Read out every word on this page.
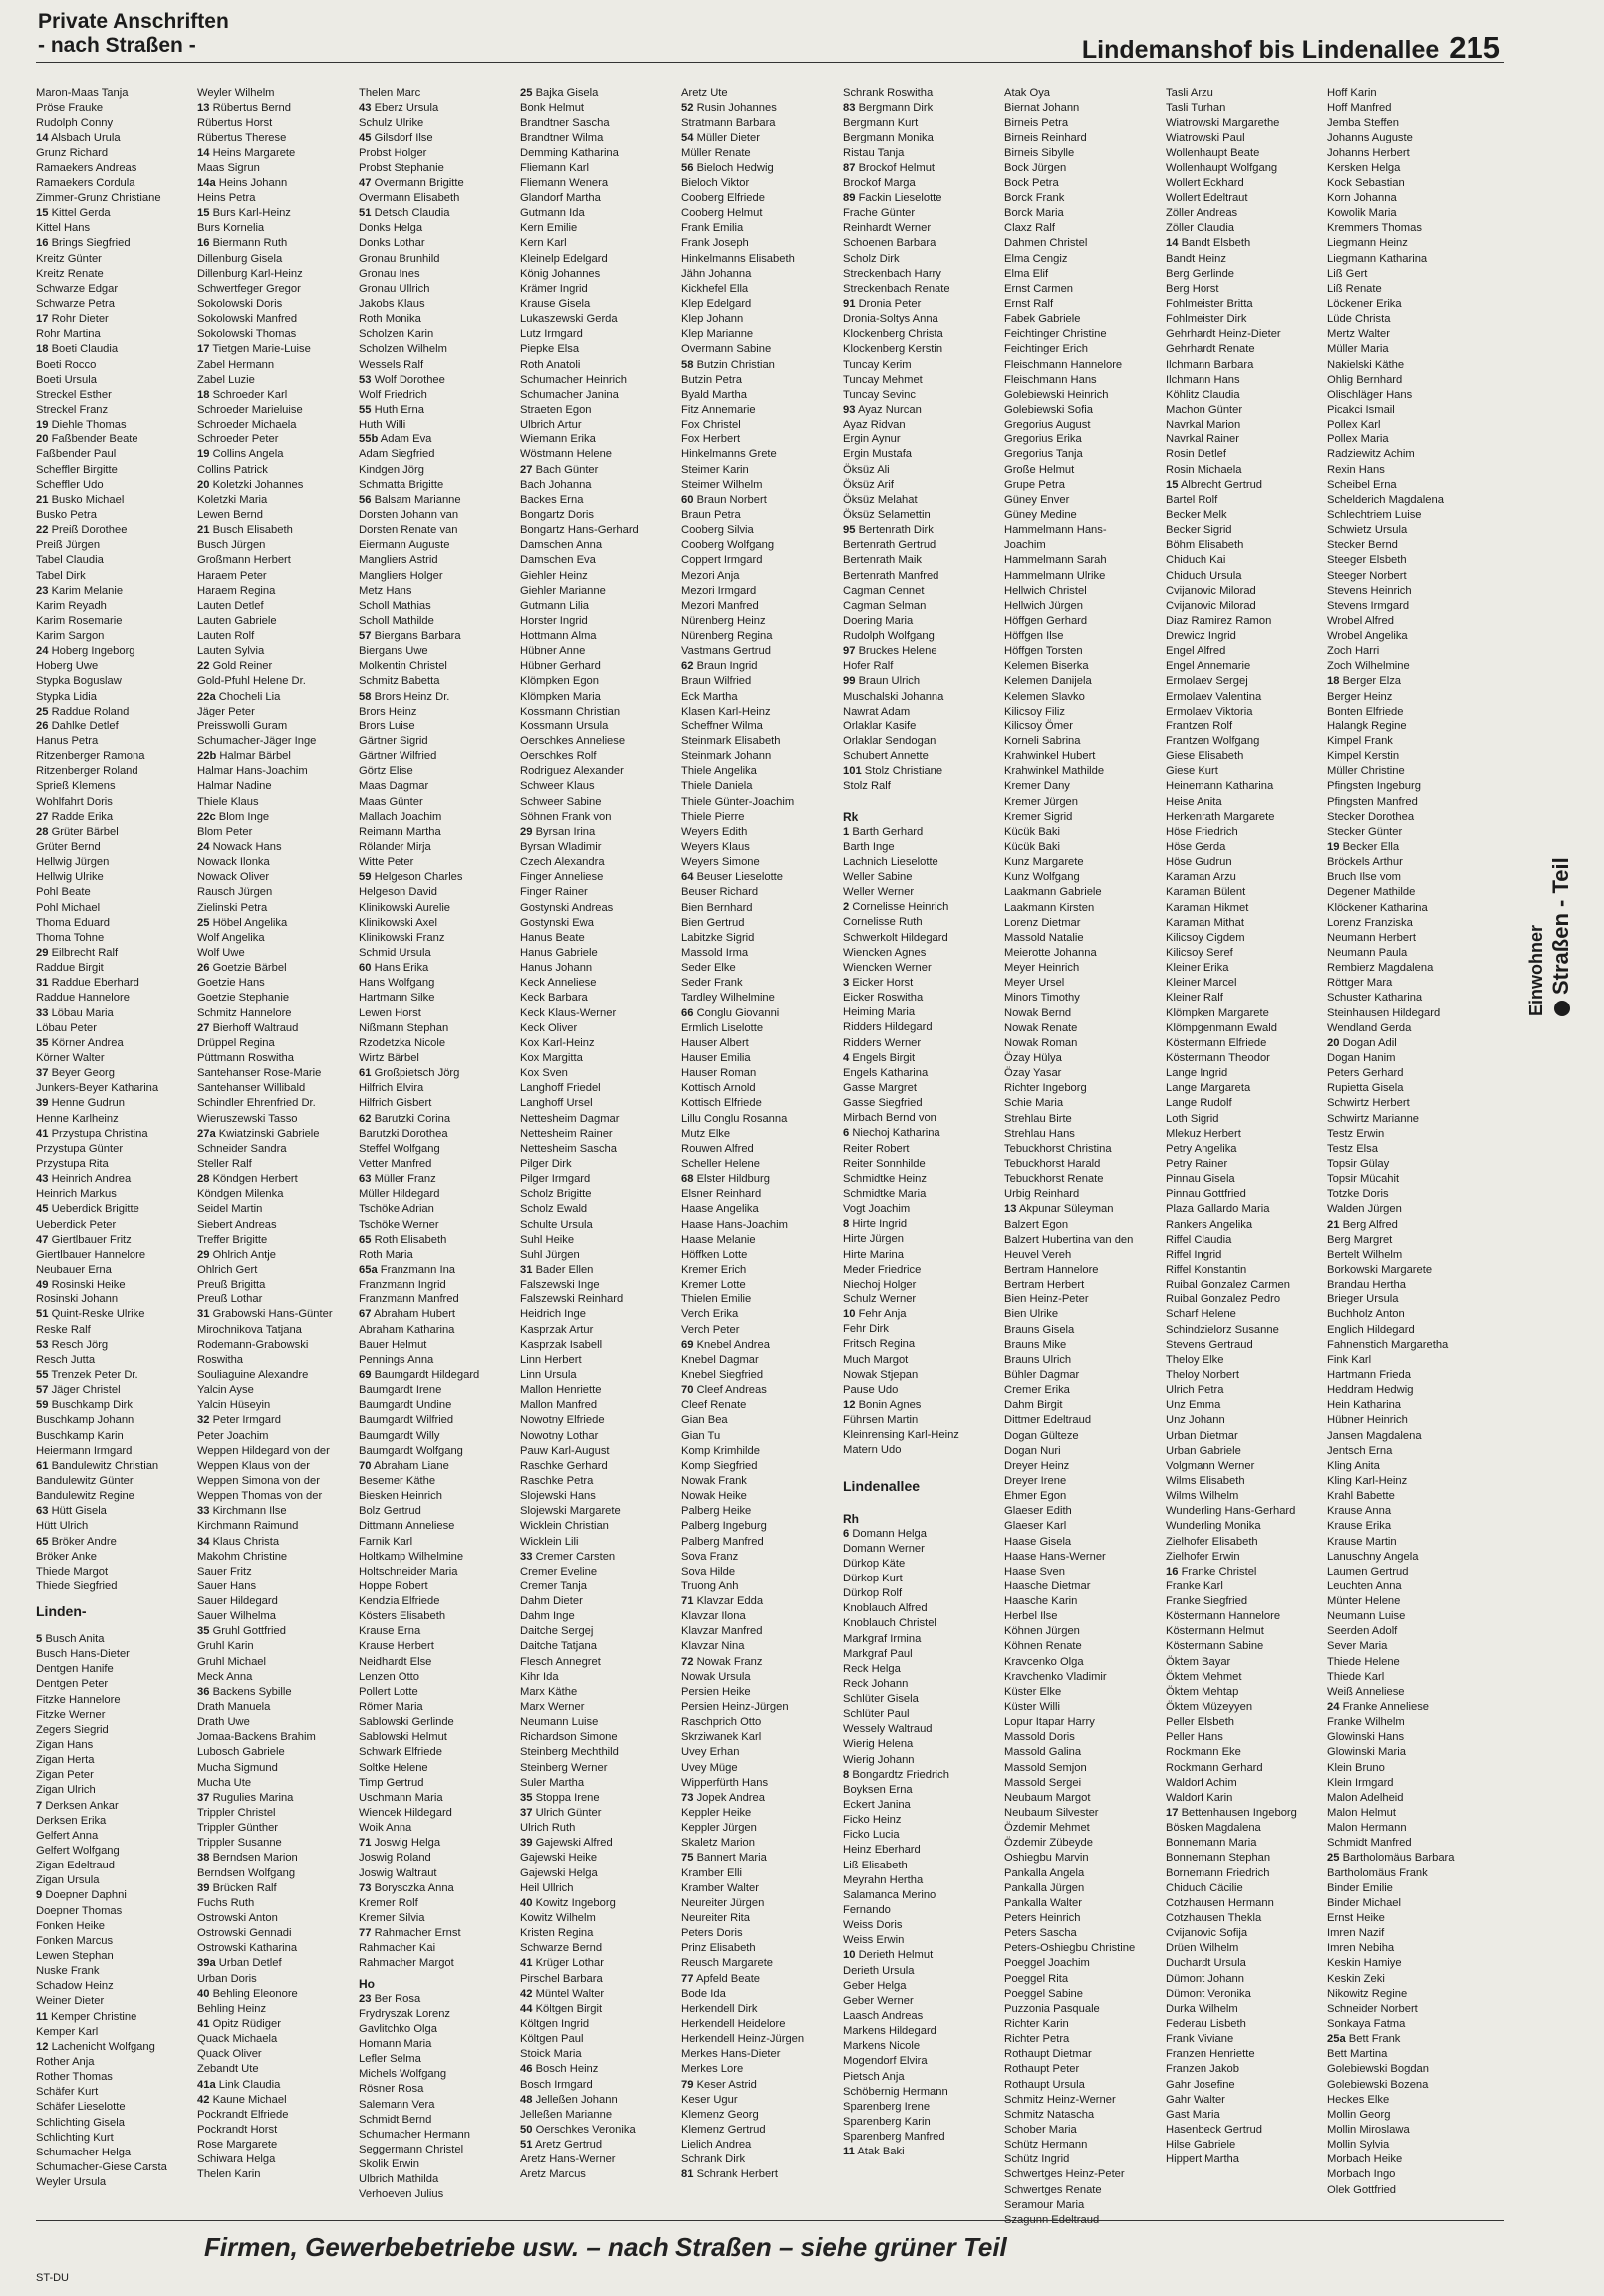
Private Anschriften
- nach Straßen -	Lindemanshof bis Lindenallee 215
Maron-Maas Tanja
Pröse Frauke
Rudolph Conny
14 Alsbach Urula
Grunz Richard
Ramaekers Andreas
Ramaekers Cordula
Zimmer-Grunz Christiane
15 Kittel Gerda
Kittel Hans
16 Brings Siegfried
Kreitz Günter
Kreitz Renate
Schwarze Edgar
Schwarze Petra
17 Rohr Dieter
Rohr Martina
18 Boeti Claudia
Boeti Rocco
Boeti Ursula
Streckel Esther
Streckel Franz
19 Diehle Thomas
20 Faßbender Beate
Faßbender Paul
Scheffler Birgitte
Scheffler Udo
21 Busko Michael
Busko Petra
22 Preiß Dorothee
Preiß Jürgen
Tabel Claudia
Tabel Dirk
23 Karim Melanie
Karim Reyadh
Karim Rosemarie
Karim Sargon
24 Hoberg Ingeborg
Hoberg Uwe
Stypka Boguslaw
Stypka Lidia
25 Raddue Roland
26 Dahlke Detlef
Hanus Petra
Ritzenberger Ramona
Ritzenberger Roland
Sprieß Klemens
Wohlfahrt Doris
27 Radde Erika
28 Grüter Bärbel
Grüter Bernd
Hellwig Jürgen
Hellwig Ulrike
Pohl Beate
Pohl Michael
Thoma Eduard
Thoma Tohne
29 Eilbrecht Ralf
Raddue Birgit
31 Raddue Eberhard
Raddue Hannelore
33 Löbau Maria
Löbau Peter
35 Körner Andrea
Körner Walter
37 Beyer Georg
Junkers-Beyer Katharina
39 Henne Gudrun
Henne Karlheinz
41 Przystupa Christina
Przystupa Günter
Przystupa Rita
43 Heinrich Andrea
Heinrich Markus
45 Ueberdick Brigitte
Ueberdick Peter
47 Giertlbauer Fritz
Giertlbauer Hannelore
Neubauer Erna
49 Rosinski Heike
Rosinski Johann
51 Quint-Reske Ulrike
Reske Ralf
53 Resch Jörg
Resch Jutta
55 Trenzek Peter Dr.
57 Jäger Christel
59 Buschkamp Dirk
Buschkamp Johann
Buschkamp Karin
Heiermann Irmgard
61 Bandulewitz Christian
Bandulewitz Günter
Bandulewitz Regine
63 Hütt Gisela
Hütt Ulrich
65 Bröker Andre
Bröker Anke
Thiede Margot
Thiede Siegfried
Linden-
5 Busch Anita
Busch Hans-Dieter
Dentgen Hanife
Dentgen Peter
Fitzke Hannelore
Fitzke Werner
Zegers Siegrid
Zigan Hans
Zigan Herta
Zigan Peter
Zigan Ulrich
7 Derksen Ankar
Derksen Erika
Gelfert Anna
Gelfert Wolfgang
Zigan Edeltraud
Zigan Ursula
9 Doepner Daphni
Doepner Thomas
Fonken Heike
Fonken Marcus
Lewen Stephan
Nuske Frank
Schadow Heinz
Weiner Dieter
11 Kemper Christine
Kemper Karl
12 Lachenicht Wolfgang
Rother Anja
Rother Thomas
Schäfer Kurt
Schäfer Lieselotte
Schlichting Gisela
Schlichting Kurt
Schumacher Helga
Schumacher-Giese Carsta
Weyler Ursula
Weyler Wilhelm
13 Rübertus Bernd
Rübertus Horst
Rübertus Therese
14 Heins Margarete
Maas Sigrun
14a Heins Johann
Heins Petra
15 Burs Karl-Heinz
Burs Kornelia
16 Biermann Ruth
Dillenburg Gisela
Dillenburg Karl-Heinz
Schwertfeger Gregor
Sokolowski Doris
Sokolowski Manfred
Sokolowski Thomas
17 Tietgen Marie-Luise
Zabel Hermann
Zabel Luzie
18 Schroeder Karl
Schroeder Marieluise
Schroeder Michaela
Schroeder Peter
19 Collins Angela
Collins Patrick
20 Koletzki Johannes
Koletzki Maria
Lewen Bernd
21 Busch Elisabeth
Busch Jürgen
Großmann Herbert
Haraem Peter
Haraem Regina
Lauten Detlef
Lauten Gabriele
Lauten Rolf
Lauten Sylvia
22 Gold Reiner
Gold-Pfuhl Helene Dr.
22a Chocheli Lia
Jäger Peter
Preisswolli Guram
Schumacher-Jäger Inge
22b Halmar Bärbel
Halmar Hans-Joachim
Halmar Nadine
Thiele Klaus
22c Blom Inge
Blom Peter
24 Nowack Hans
Nowack Ilonka
Nowack Oliver
Rausch Jürgen
Zielinski Petra
25 Höbel Angelika
Wolf Angelika
Wolf Uwe
26 Goetzie Bärbel
Goetzie Hans
Goetzie Stephanie
Schmitz Hannelore
27 Bierhoff Waltraud
Drüppel Regina
Püttmann Roswitha
Santehanser Rose-Marie
Santehanser Willibald
Schindler Ehrenfried Dr.
Wieruszewski Tasso
27a Kwiatzinski Gabriele
Schneider Sandra
Steller Ralf
28 Köndgen Herbert
Köndgen Milenka
Seidel Martin
Siebert Andreas
Treffer Brigitte
29 Ohlrich Antje
Ohlrich Gert
Preuß Brigitta
Preuß Lothar
31 Grabowski Hans-Günter
Mirochnikova Tatjana
Rodemann-Grabowski
Roswitha
Souliaguine Alexandre
Yalcin Ayse
Yalcin Hüseyin
32 Peter Irmgard
Peter Joachim
Weppen Hildegard von der
Weppen Klaus von der
Weppen Simona von der
Weppen Thomas von der
33 Kirchmann Ilse
Kirchmann Raimund
34 Klaus Christa
Makohm Christine
Sauer Fritz
Sauer Hans
Sauer Hildegard
Sauer Wilhelma
35 Gruhl Gottfried
Gruhl Karin
Gruhl Michael
Meck Anna
36 Backens Sybille
Drath Manuela
Drath Uwe
Jomaa-Backens Brahim
Lubosch Gabriele
Mucha Sigmund
Mucha Ute
37 Rugulies Marina
Trippler Christel
Trippler Günther
Trippler Susanne
38 Berndsen Marion
Berndsen Wolfgang
39 Brücken Ralf
Fuchs Ruth
Ostrowski Anton
Ostrowski Gennadi
Ostrowski Katharina
39a Urban Detlef
Urban Doris
40 Behling Eleonore
Behling Heinz
41 Opitz Rüdiger
Quack Michaela
Quack Oliver
Zebandt Ute
41a Link Claudia
42 Kaune Michael
Pockrandt Elfriede
Pockrandt Horst
Rose Margarete
Schiwara Helga
Thelen Karin
Thelen Marc
43 Eberz Ursula
Schulz Ulrike
45 Gilsdorf Ilse
Probst Holger
Probst Stephanie
47 Overmann Brigitte
Overmann Elisabeth
51 Detsch Claudia
Donks Helga
Donks Lothar
Gronau Brunhild
Gronau Ines
Gronau Ullrich
Jakobs Klaus
Roth Monika
Scholzen Karin
Scholzen Wilhelm
Wessels Ralf
53 Wolf Dorothee
Wolf Friedrich
55 Huth Erna
Huth Willi
55b Adam Eva
Adam Siegfried
Kindgen Jörg
Schmatta Brigitte
56 Balsam Marianne
Dorsten Johann van
Dorsten Renate van
Eiermann Auguste
Mangliers Astrid
Mangliers Holger
Metz Hans
Scholl Mathias
Scholl Mathilde
57 Biergans Barbara
Biergans Uwe
Molkentin Christel
Schmitz Babetta
58 Brors Heinz Dr.
Brors Heinz
Brors Luise
Gärtner Sigrid
Gärtner Wilfried
Görtz Elise
Maas Dagmar
Maas Günter
Mallach Joachim
Reimann Martha
Rölander Mirja
Witte Peter
59 Helgeson Charles
Helgeson David
Klinikowski Aurelie
Klinikowski Axel
Klinikowski Franz
Schmid Ursula
60 Hans Erika
Hans Wolfgang
Hartmann Silke
Lewen Horst
Nißmann Stephan
Rzodetzka Nicole
Wirtz Bärbel
61 Großpietsch Jörg
Hilfrich Elvira
Hilfrich Gisbert
62 Barutzki Corina
Barutzki Dorothea
Steffel Wolfgang
Vetter Manfred
63 Müller Franz
Müller Hildegard
Tschöke Adrian
Tschöke Werner
65 Roth Elisabeth
Roth Maria
65a Franzmann Ina
Franzmann Ingrid
Franzmann Manfred
67 Abraham Hubert
Abraham Katharina
Bauer Helmut
Pennings Anna
69 Baumgardt Hildegard
Baumgardt Irene
Baumgardt Undine
Baumgardt Wilfried
Baumgardt Willy
Baumgardt Wolfgang
70 Abraham Liane
Besemer Käthe
Biesken Heinrich
Bolz Gertrud
Dittmann Anneliese
Farnik Karl
Holtkamp Wilhelmine
Holtschneider Maria
Hoppe Robert
Kendzia Elfriede
Kösters Elisabeth
Krause Erna
Krause Herbert
Neidhardt Else
Lenzen Otto
Pollert Lotte
Römer Maria
Sablowski Gerlinde
Sablowski Helmut
Schwark Elfriede
Soltke Helene
Timp Gertrud
Uschmann Maria
Wiencek Hildegard
Woik Anna
71 Joswig Helga
Joswig Roland
Joswig Waltraut
73 Borysczka Anna
Kremer Rolf
Kremer Silvia
77 Rahmacher Ernst
Rahmacher Kai
Rahmacher Margot
Ho
23 Ber Rosa
Frydryszak Lorenz
Gavlitchko Olga
Homann Maria
Lefler Selma
Michels Wolfgang
Rösner Rosa
Salemann Vera
Schmidt Bernd
Schumacher Hermann
Seggermann Christel
Skolik Erwin
Ulbrich Mathilda
Verhoeven Julius
25 Bajka Gisela
Bonk Helmut
Brandtner Sascha
Brandtner Wilma
Demming Katharina
Fliemann Karl
Fliemann Wenera
Glandorf Martha
Gutmann Ida
Kern Emilie
Kern Karl
Kleinelp Edelgard
König Johannes
Krämer Ingrid
Krause Gisela
Lukaszewski Gerda
Lutz Irmgard
Piepke Elsa
Roth Anatoli
Schumacher Heinrich
Schumacher Janina
Straeten Egon
Ulbrich Artur
Wiemann Erika
Wöstmann Helene
27 Bach Günter
Bach Johanna
Backes Erna
Bongartz Doris
Bongartz Hans-Gerhard
Damschen Anna
Damschen Eva
Giehler Heinz
Giehler Marianne
Gutmann Lilia
Horster Ingrid
Hottmann Alma
Hübner Anne
Hübner Gerhard
Klömpken Egon
Klömpken Maria
Kossmann Christian
Kossmann Ursula
Oerschkes Anneliese
Oerschkes Rolf
Rodriguez Alexander
Schweer Klaus
Schweer Sabine
Söhnen Frank von
29 Byrsan Irina
Byrsan Wladimir
Czech Alexandra
Finger Anneliese
Finger Rainer
Gostynski Andreas
Gostynski Ewa
Hanus Beate
Hanus Gabriele
Hanus Johann
Keck Anneliese
Keck Barbara
Keck Klaus-Werner
Keck Oliver
Kox Karl-Heinz
Kox Margitta
Kox Sven
Langhoff Friedel
Langhoff Ursel
Nettesheim Dagmar
Nettesheim Rainer
Nettesheim Sascha
Pilger Dirk
Pilger Irmgard
Scholz Brigitte
Scholz Ewald
Schulte Ursula
Suhl Heike
Suhl Jürgen
31 Bader Ellen
Falszewski Inge
Falszewski Reinhard
Heidrich Inge
Kasprzak Artur
Kasprzak Isabell
Linn Herbert
Linn Ursula
Mallon Henriette
Mallon Manfred
Nowotny Elfriede
Nowotny Lothar
Pauw Karl-August
Raschke Gerhard
Raschke Petra
Slojewski Hans
Slojewski Margarete
Wicklein Christian
Wicklein Lili
33 Cremer Carsten
Cremer Eveline
Cremer Tanja
Dahm Dieter
Dahm Inge
Daitche Sergej
Daitche Tatjana
Flesch Annegret
Kihr Ida
Marx Käthe
Marx Werner
Neumann Luise
Richardson Simone
Steinberg Mechthild
Steinberg Werner
Suler Martha
35 Stoppa Irene
37 Ulrich Günter
Ulrich Ruth
39 Gajewski Alfred
Gajewski Heike
Gajewski Helga
Heil Ullrich
40 Kowitz Ingeborg
Kowitz Wilhelm
Kristen Regina
Schwarze Bernd
41 Krüger Lothar
Pirschel Barbara
42 Müntel Walter
44 Költgen Birgit
Költgen Ingrid
Költgen Paul
Stoick Maria
46 Bosch Heinz
Bosch Irmgard
48 Jelleßen Johann
Jelleßen Marianne
50 Oerschkes Veronika
51 Aretz Gertrud
Aretz Hans-Werner
Aretz Marcus
Aretz Ute
52 Rusin Johannes
Stratmann Barbara
54 Müller Dieter
Müller Renate
56 Bieloch Hedwig
Bieloch Viktor
Cooberg Elfriede
Cooberg Helmut
Frank Emilia
Frank Joseph
Hinkelmanns Elisabeth
Jähn Johanna
Kickhefel Ella
Klep Edelgard
Klep Johann
Klep Marianne
Overmann Sabine
58 Butzin Christian
Butzin Petra
Byald Martha
Fitz Annemarie
Fox Christel
Fox Herbert
Hinkelmanns Grete
Steimer Karin
Steimer Wilhelm
60 Braun Norbert
Braun Petra
Cooberg Silvia
Cooberg Wolfgang
Coppert Irmgard
Mezori Anja
Mezori Irmgard
Mezori Manfred
Nürenberg Heinz
Nürenberg Regina
Vastmans Gertrud
62 Braun Ingrid
Braun Wilfried
Eck Martha
Klasen Karl-Heinz
Scheffner Wilma
Steinmark Elisabeth
Steinmark Johann
Thiele Angelika
Thiele Daniela
Thiele Günter-Joachim
Thiele Pierre
Weyers Edith
Weyers Klaus
Weyers Simone
64 Beuser Lieselotte
Beuser Richard
Bien Bernhard
Bien Gertrud
Labitzke Sigrid
Massold Irma
Seder Elke
Seder Frank
Tardley Wilhelmine
66 Conglu Giovanni
Ermlich Liselotte
Hauser Albert
Hauser Emilia
Hauser Roman
Kottisch Arnold
Kottisch Elfriede
Lillu Conglu Rosanna
Mutz Elke
Rouwen Alfred
Scheller Helene
68 Elster Hildburg
Elsner Reinhard
Haase Angelika
Haase Hans-Joachim
Haase Melanie
Höffken Lotte
Kremer Erich
Kremer Lotte
Thielen Emilie
Verch Erika
Verch Peter
69 Knebel Andrea
Knebel Dagmar
Knebel Siegfried
70 Cleef Andreas
Cleef Renate
Gian Bea
Gian Tu
Komp Krimhilde
Komp Siegfried
Nowak Frank
Nowak Heike
Palberg Heike
Palberg Ingeburg
Palberg Manfred
Sova Franz
Sova Hilde
Truong Anh
71 Klavzar Edda
Klavzar Ilona
Klavzar Manfred
Klavzar Nina
72 Nowak Franz
Nowak Ursula
Persien Heike
Persien Heinz-Jürgen
Raschprich Otto
Skrziwanek Karl
Uvey Erhan
Uvey Müge
Wipperfürth Hans
73 Jopek Andrea
Keppler Heike
Keppler Jürgen
Skaletz Marion
75 Bannert Maria
Kramber Elli
Kramber Walter
Neureiter Jürgen
Neureiter Rita
Peters Doris
Prinz Elisabeth
Reusch Margarete
77 Apfeld Beate
Bode Ida
Herkendell Dirk
Herkendell Heidelore
Herkendell Heinz-Jürgen
Merkes Hans-Dieter
Merkes Lore
79 Keser Astrid
Keser Ugur
Klemenz Georg
Klemenz Gertrud
Lielich Andrea
Schrank Dirk
81 Schrank Herbert
Schrank Roswitha
83 Bergmann Dirk
Bergmann Kurt
Bergmann Monika
Ristau Tanja
87 Brockof Helmut
Brockof Marga
89 Fackin Lieselotte
Frache Günter
Reinhardt Werner
Schoenen Barbara
Scholz Dirk
Streckenbach Harry
Streckenbach Renate
91 Dronia Peter
Dronia-Soltys Anna
Klockenberg Christa
Klockenberg Kerstin
Tuncay Kerim
Tuncay Mehmet
Tuncay Sevinc
93 Ayaz Nurcan
Ayaz Ridvan
Ergin Aynur
Ergin Mustafa
Öksüz Ali
Öksüz Arif
Öksüz Melahat
Öksüz Selamettin
95 Bertenrath Dirk
Bertenrath Gertrud
Bertenrath Maik
Bertenrath Manfred
Cagman Cennet
Cagman Selman
Doering Maria
Rudolph Wolfgang
97 Bruckes Helene
Hofer Ralf
99 Braun Ulrich
Muschalski Johanna
Nawrat Adam
Orlaklar Kasife
Orlaklar Sendogan
Schubert Annette
101 Stolz Christiane
Stolz Ralf
Rk
1 Barth Gerhard
Barth Inge
Lachnich Lieselotte
Weller Sabine
Weller Werner
2 Cornelisse Heinrich
Cornelisse Ruth
Schwerkolt Hildegard
Wiencken Agnes
Wiencken Werner
3 Eicker Horst
Eicker Roswitha
Heiming Maria
Ridders Hildegard
Ridders Werner
4 Engels Birgit
Engels Katharina
Gasse Margret
Gasse Siegfried
Mirbach Bernd von
6 Niechoj Katharina
Reiter Robert
Reiter Sonnhilde
Schmidtke Heinz
Schmidtke Maria
Vogt Joachim
8 Hirte Ingrid
Hirte Jürgen
Hirte Marina
Meder Friedrice
Niechoj Holger
Schulz Werner
10 Fehr Anja
Fehr Dirk
Fritsch Regina
Much Margot
Nowak Stjepan
Pause Udo
12 Bonin Agnes
Führsen Martin
Kleinrensing Karl-Heinz
Matern Udo
Lindenallee
Rh
6 Domann Helga
Domann Werner
Dürkop Käte
Dürkop Kurt
Dürkop Rolf
Knoblauch Alfred
Knoblauch Christel
Markgraf Irmina
Markgraf Paul
Reck Helga
Reck Johann
Schlüter Gisela
Schlüter Paul
Wessely Waltraud
Wierig Helena
Wierig Johann
8 Bongardtz Friedrich
Boyksen Erna
Eckert Janina
Ficko Heinz
Ficko Lucia
Heinz Eberhard
Liß Elisabeth
Meyrahn Hertha
Salamanca Merino
Fernando
Weiss Doris
Weiss Erwin
10 Derieth Helmut
Derieth Ursula
Geber Helga
Geber Werner
Laasch Andreas
Markens Hildegard
Markens Nicole
Mogendorf Elvira
Pietsch Anja
Schöbernig Hermann
Sparenberg Irene
Sparenberg Karin
Sparenberg Manfred
11 Atak Baki
Atak Oya
Biernat Johann
Birneis Petra
Birneis Reinhard
Birneis Sibylle
Bock Jürgen
Bock Petra
Borck Frank
Borck Maria
Claxz Ralf
Dahmen Christel
Elma Cengiz
Elma Elif
Ernst Carmen
Ernst Ralf
Fabek Gabriele
Feichtinger Christine
Feichtinger Erich
Fleischmann Hannelore
Fleischmann Hans
Golebiewski Heinrich
Golebiewski Sofia
Gregorius August
Gregorius Erika
Gregorius Tanja
Große Helmut
Grupe Petra
Güney Enver
Güney Medine
Hammelmann Hans-
Joachim
Hammelmann Sarah
Hammelmann Ulrike
Hellwich Christel
Hellwich Jürgen
Höffgen Gerhard
Höffgen Ilse
Höffgen Torsten
Kelemen Biserka
Kelemen Danijela
Kelemen Slavko
Kilicsoy Filiz
Kilicsoy Ömer
Korneli Sabrina
Krahwinkel Hubert
Krahwinkel Mathilde
Kremer Dany
Kremer Jürgen
Kremer Sigrid
Kücük Baki
Kücük Baki
Kunz Margarete
Kunz Wolfgang
Laakmann Gabriele
Laakmann Kirsten
Lorenz Dietmar
Massold Natalie
Meierotte Johanna
Meyer Heinrich
Meyer Ursel
Minors Timothy
Nowak Bernd
Nowak Renate
Nowak Roman
Özay Hülya
Özay Yasar
Richter Ingeborg
Schie Maria
Strehlau Birte
Strehlau Hans
Tebuckhorst Christina
Tebuckhorst Harald
Tebuckhorst Renate
Urbig Reinhard
13 Akpunar Süleyman
Balzert Egon
Balzert Hubertina van den
Heuvel Vereh
Bertram Hannelore
Bertram Herbert
Bien Heinz-Peter
Bien Ulrike
Brauns Gisela
Brauns Mike
Brauns Ulrich
Bühler Dagmar
Cremer Erika
Dahm Birgit
Dittmer Edeltraud
Dogan Gülteze
Dogan Nuri
Dreyer Heinz
Dreyer Irene
Ehmer Egon
Glaeser Edith
Glaeser Karl
Haase Gisela
Haase Hans-Werner
Haase Sven
Haasche Dietmar
Haasche Karin
Herbel Ilse
Köhnen Jürgen
Köhnen Renate
Kravcenko Olga
Kravchenko Vladimir
Küster Elke
Küster Willi
Lopur Itapar Harry
Massold Doris
Massold Galina
Massold Semjon
Massold Sergei
Neubaum Margot
Neubaum Silvester
Özdemir Mehmet
Özdemir Zübeyde
Oshiegbu Marvin
Pankalla Angela
Pankalla Jürgen
Pankalla Walter
Peters Heinrich
Peters Sascha
Peters-Oshiegbu Christine
Poeggel Joachim
Poeggel Rita
Poeggel Sabine
Puzzonia Pasquale
Richter Karin
Richter Petra
Rothaupt Dietmar
Rothaupt Peter
Rothaupt Ursula
Schmitz Heinz-Werner
Schmitz Natascha
Schober Maria
Schütz Hermann
Schütz Ingrid
Schwertges Heinz-Peter
Schwertges Renate
Seramour Maria
Szagunn Edeltraud
Tasli Arzu
Tasli Turhan
Wiatrowski Margarethe
Wiatrowski Paul
Wollenhaupt Beate
Wollenhaupt Wolfgang
Wollert Eckhard
Wollert Edeltraut
Zöller Andreas
Zöller Claudia
14 Bandt Elsbeth
Bandt Heinz
Berg Gerlinde
Berg Horst
Fohlmeister Britta
Fohlmeister Dirk
Gehrhardt Heinz-Dieter
Gehrhardt Renate
Ilchmann Barbara
Ilchmann Hans
Köhlitz Claudia
Machon Günter
Navrkal Marion
Navrkal Rainer
Rosin Detlef
Rosin Michaela
15 Albrecht Gertrud
Bartel Rolf
Becker Melk
Becker Sigrid
Böhm Elisabeth
Chiduch Kai
Chiduch Ursula
Cvijanovic Milorad
Cvijanovic Milorad
Diaz Ramirez Ramon
Drewicz Ingrid
Engel Alfred
Engel Annemarie
Ermolaev Sergej
Ermolaev Valentina
Ermolaev Viktoria
Frantzen Rolf
Frantzen Wolfgang
Giese Elisabeth
Giese Kurt
Heinemann Katharina
Heise Anita
Herkenrath Margarete
Höse Friedrich
Höse Gerda
Höse Gudrun
Karaman Arzu
Karaman Bülent
Karaman Hikmet
Karaman Mithat
Kilicsoy Cigdem
Kilicsoy Seref
Kleiner Erika
Kleiner Marcel
Kleiner Ralf
Klömpken Margarete
Klömpgenmann Ewald
Köstermann Elfriede
Köstermann Theodor
Lange Ingrid
Lange Margareta
Lange Rudolf
Loth Sigrid
Mlekuz Herbert
Petry Angelika
Petry Rainer
Pinnau Gisela
Pinnau Gottfried
Plaza Gallardo Maria
Rankers Angelika
Riffel Claudia
Riffel Ingrid
Riffel Konstantin
Ruibal Gonzalez Carmen
Ruibal Gonzalez Pedro
Scharf Helene
Schindzielorz Susanne
Stevens Gertraud
Theloy Elke
Theloy Norbert
Ulrich Petra
Unz Emma
Unz Johann
Urban Dietmar
Urban Gabriele
Volgmann Werner
Wilms Elisabeth
Wilms Wilhelm
Wunderling Hans-Gerhard
Wunderling Monika
Zielhofer Elisabeth
Zielhofer Erwin
16 Franke Christel
Franke Karl
Franke Siegfried
Köstermann Hannelore
Köstermann Helmut
Köstermann Sabine
Öktem Bayar
Öktem Mehmet
Öktem Mehtap
Öktem Müzeyyen
Peller Elsbeth
Peller Hans
Rockmann Eke
Rockmann Gerhard
Waldorf Achim
Waldorf Karin
17 Bettenhausen Ingeborg
Bösken Magdalena
Bonnemann Maria
Bonnemann Stephan
Bornemann Friedrich
Chiduch Cäcilie
Cotzhausen Hermann
Cotzhausen Thekla
Cvijanovic Sofija
Drüen Wilhelm
Duchardt Ursula
Dümont Johann
Dümont Veronika
Durka Wilhelm
Federau Lisbeth
Frank Viviane
Franzen Henriette
Franzen Jakob
Gahr Josefine
Gahr Walter
Gast Maria
Hasenbeck Gertrud
Hilse Gabriele
Hippert Martha
Hoff Karin
Hoff Manfred
Jemba Steffen
Johanns Auguste
Johanns Herbert
Kersken Helga
Kock Sebastian
Korn Johanna
Kowolik Maria
Kremmers Thomas
Liegmann Heinz
Liegmann Katharina
Liß Gert
Liß Renate
Löckener Erika
Lüde Christa
Mertz Walter
Müller Maria
Nakielski Käthe
Ohlig Bernhard
Olischläger Hans
Picakci Ismail
Pollex Karl
Pollex Maria
Radziewitz Achim
Rexin Hans
Scheibel Erna
Schelderich Magdalena
Schlechtriem Luise
Schwietz Ursula
Stecker Bernd
Steeger Elsbeth
Steeger Norbert
Stevens Heinrich
Stevens Irmgard
Wrobel Alfred
Wrobel Angelika
Zoch Harri
Zoch Wilhelmine
18 Berger Elza
Berger Heinz
Bonten Elfriede
Halangk Regine
Kimpel Frank
Kimpel Kerstin
Müller Christine
Pfingsten Ingeburg
Pfingsten Manfred
Stecker Dorothea
Stecker Günter
19 Becker Ella
Bröckels Arthur
Bruch Ilse vom
Degener Mathilde
Klöckener Katharina
Lorenz Franziska
Neumann Herbert
Neumann Paula
Rembierz Magdalena
Röttger Mara
Schuster Katharina
Steinhausen Hildegard
Wendland Gerda
20 Dogan Adil
Dogan Hanim
Peters Gerhard
Rupietta Gisela
Schwirtz Herbert
Schwirtz Marianne
Testz Erwin
Testz Elsa
Topsir Gülay
Topsir Mücahit
Totzke Doris
Walden Jürgen
21 Berg Alfred
Berg Margret
Bertelt Wilhelm
Borkowski Margarete
Brandau Hertha
Brieger Ursula
Buchholz Anton
Englich Hildegard
Fahnenstich Margaretha
Fink Karl
Hartmann Frieda
Heddram Hedwig
Hein Katharina
Hübner Heinrich
Jansen Magdalena
Jentsch Erna
Kling Anita
Kling Karl-Heinz
Krahl Babette
Krause Anna
Krause Erika
Krause Martin
Lanuschny Angela
Laumen Gertrud
Leuchten Anna
Münter Helene
Neumann Luise
Seerden Adolf
Sever Maria
Thiede Helene
Thiede Karl
Weiß Anneliese
24 Franke Anneliese
Franke Wilhelm
Glowinski Hans
Glowinski Maria
Klein Bruno
Klein Irmgard
Malon Adelheid
Malon Helmut
Malon Hermann
Schmidt Manfred
25 Bartholomäus Barbara
Bartholomäus Frank
Binder Emilie
Binder Michael
Ernst Heike
Imren Nazif
Imren Nebiha
Keskin Hamiye
Keskin Zeki
Nikowitz Regine
Schneider Norbert
Sonkaya Fatma
25a Bett Frank
Bett Martina
Golebiewski Bogdan
Golebiewski Bozena
Heckes Elke
Mollin Georg
Mollin Miroslawa
Mollin Sylvia
Morbach Heike
Morbach Ingo
Olek Gottfried
Einwohner Straßen - Teil
Firmen, Gewerbebetriebe usw. – nach Straßen – siehe grüner Teil
ST-DU
